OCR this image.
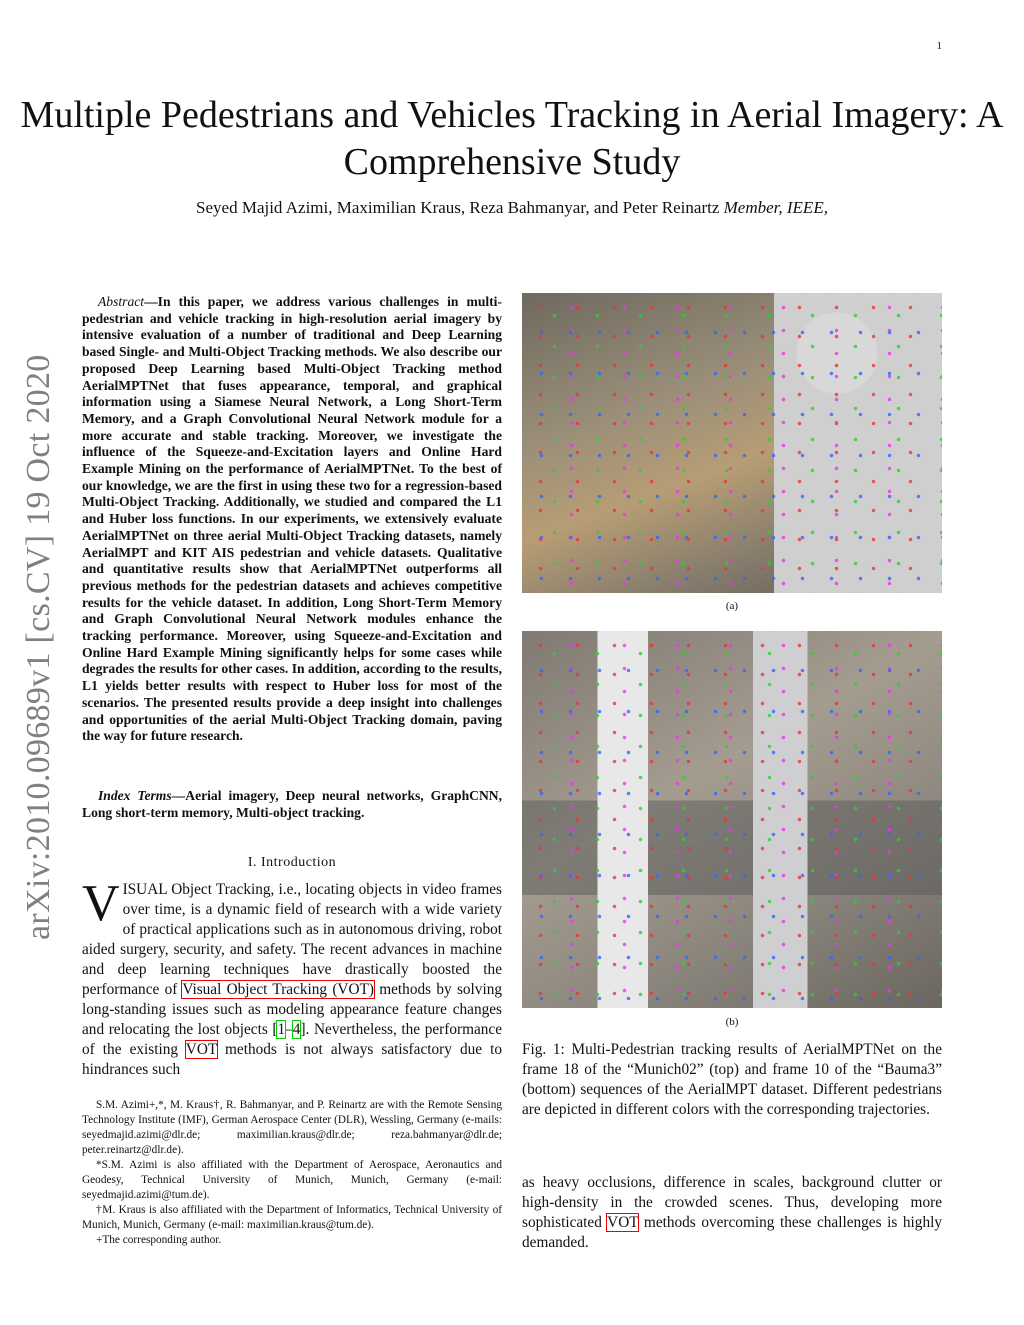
1
Multiple Pedestrians and Vehicles Tracking in Aerial Imagery: A Comprehensive Study
Seyed Majid Azimi, Maximilian Kraus, Reza Bahmanyar, and Peter Reinartz Member, IEEE,
arXiv:2010.09689v1 [cs.CV] 19 Oct 2020
Abstract—In this paper, we address various challenges in multi-pedestrian and vehicle tracking in high-resolution aerial imagery by intensive evaluation of a number of traditional and Deep Learning based Single- and Multi-Object Tracking methods. We also describe our proposed Deep Learning based Multi-Object Tracking method AerialMPTNet that fuses appearance, temporal, and graphical information using a Siamese Neural Network, a Long Short-Term Memory, and a Graph Convolutional Neural Network module for a more accurate and stable tracking. Moreover, we investigate the influence of the Squeeze-and-Excitation layers and Online Hard Example Mining on the performance of AerialMPTNet. To the best of our knowledge, we are the first in using these two for a regression-based Multi-Object Tracking. Additionally, we studied and compared the L1 and Huber loss functions. In our experiments, we extensively evaluate AerialMPTNet on three aerial Multi-Object Tracking datasets, namely AerialMPT and KIT AIS pedestrian and vehicle datasets. Qualitative and quantitative results show that AerialMPTNet outperforms all previous methods for the pedestrian datasets and achieves competitive results for the vehicle dataset. In addition, Long Short-Term Memory and Graph Convolutional Neural Network modules enhance the tracking performance. Moreover, using Squeeze-and-Excitation and Online Hard Example Mining significantly helps for some cases while degrades the results for other cases. In addition, according to the results, L1 yields better results with respect to Huber loss for most of the scenarios. The presented results provide a deep insight into challenges and opportunities of the aerial Multi-Object Tracking domain, paving the way for future research.
Index Terms—Aerial imagery, Deep neural networks, GraphCNN, Long short-term memory, Multi-object tracking.
I. Introduction
VISUAL Object Tracking, i.e., locating objects in video frames over time, is a dynamic field of research with a wide variety of practical applications such as in autonomous driving, robot aided surgery, security, and safety. The recent advances in machine and deep learning techniques have drastically boosted the performance of Visual Object Tracking (VOT) methods by solving long-standing issues such as modeling appearance feature changes and relocating the lost objects [1–4]. Nevertheless, the performance of the existing VOT methods is not always satisfactory due to hindrances such

S.M. Azimi+,*, M. Kraus†, R. Bahmanyar, and P. Reinartz are with the Remote Sensing Technology Institute (IMF), German Aerospace Center (DLR), Wessling, Germany (e-mails: seyedmajid.azimi@dlr.de; maximilian.kraus@dlr.de; reza.bahmanyar@dlr.de; peter.reinartz@dlr.de).

*S.M. Azimi is also affiliated with the Department of Aerospace, Aeronautics and Geodesy, Technical University of Munich, Munich, Germany (e-mail: seyedmajid.azimi@tum.de).

†M. Kraus is also affiliated with the Department of Informatics, Technical University of Munich, Munich, Germany (e-mail: maximilian.kraus@tum.de).

+The corresponding author.

(a)
(b)
Fig. 1: Multi-Pedestrian tracking results of AerialMPTNet on the frame 18 of the “Munich02” (top) and frame 10 of the “Bauma3” (bottom) sequences of the AerialMPT dataset. Different pedestrians are depicted in different colors with the corresponding trajectories.
as heavy occlusions, difference in scales, background clutter or high-density in the crowded scenes. Thus, developing more sophisticated VOT methods overcoming these challenges is highly demanded.
